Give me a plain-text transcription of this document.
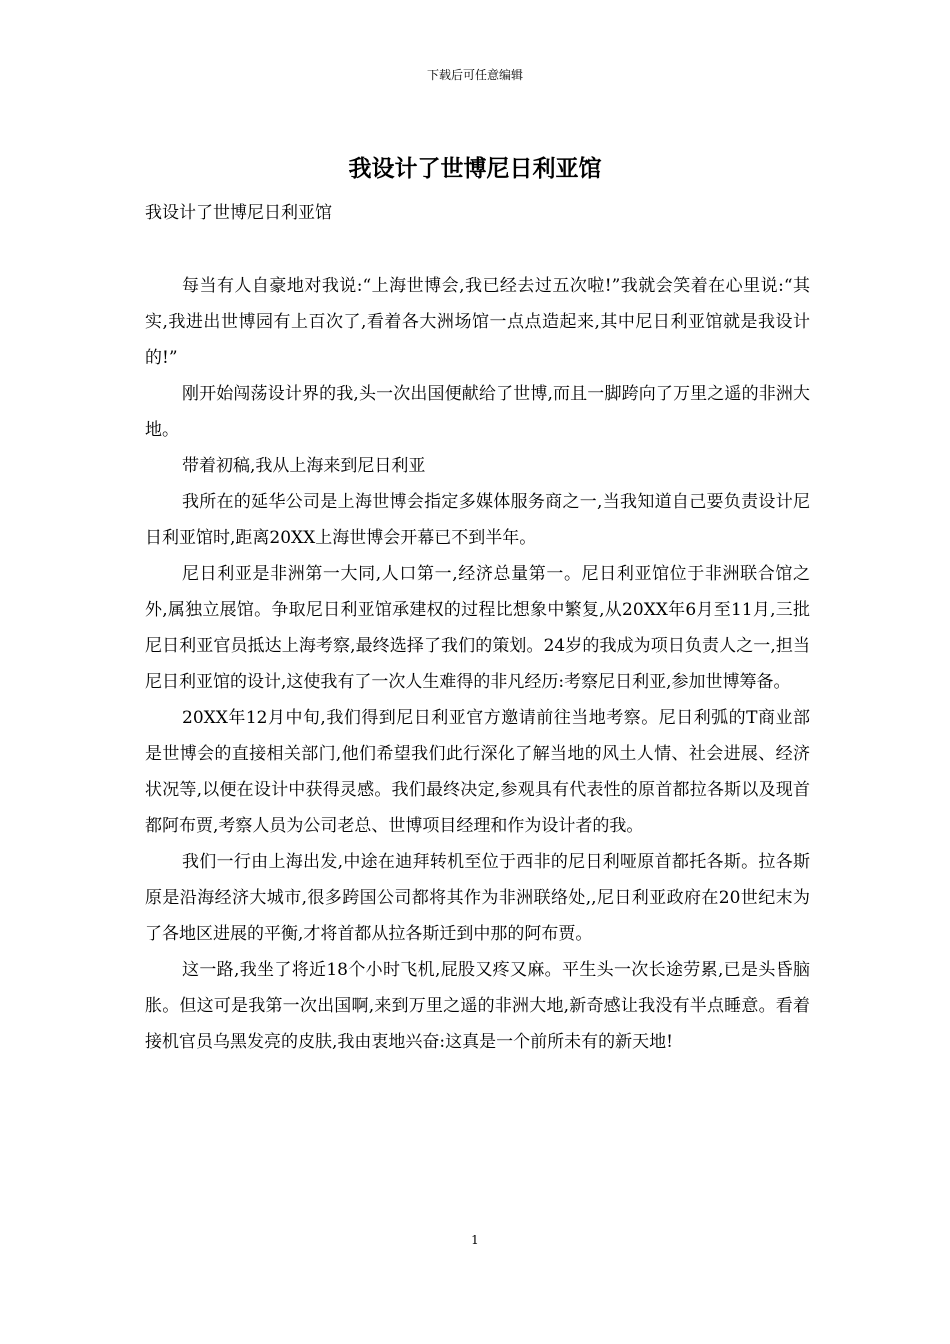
下载后可任意编辑
我设计了世博尼日利亚馆

我设计了世博尼日利亚馆

每当有人自豪地对我说:“上海世博会,我已经去过五次啦!”我就会笑着在心里说:“其实,我进出世博园有上百次了,看着各大洲场馆一点点造起来,其中尼日利亚馆就是我设计的!”

刚开始闯荡设计界的我,头一次出国便献给了世博,而且一脚跨向了万里之遥的非洲大地。

带着初稿,我从上海来到尼日利亚

我所在的延华公司是上海世博会指定多媒体服务商之一,当我知道自己要负责设计尼日利亚馆时,距离20XX上海世博会开幕已不到半年。

尼日利亚是非洲第一大同,人口第一,经济总量第一。尼日利亚馆位于非洲联合馆之外,属独立展馆。争取尼日利亚馆承建权的过程比想象中繁复,从20XX年6月至11月,三批尼日利亚官员抵达上海考察,最终选择了我们的策划。24岁的我成为项日负责人之一,担当尼日利亚馆的设计,这使我有了一次人生难得的非凡经历:考察尼日利亚,参加世博筹备。

20XX年12月中旬,我们得到尼日利亚官方邀请前往当地考察。尼日利弧的T商业部是世博会的直接相关部门,他们希望我们此行深化了解当地的风土人情、社会进展、经济状况等,以便在设计中获得灵感。我们最终决定,参观具有代表性的原首都拉各斯以及现首都阿布贾,考察人员为公司老总、世博项目经理和作为设计者的我。

我们一行由上海出发,中途在迪拜转机至位于西非的尼日利哑原首都托各斯。拉各斯原是沿海经济大城市,很多跨国公司都将其作为非洲联络处,,尼日利亚政府在20世纪末为了各地区进展的平衡,才将首都从拉各斯迁到中那的阿布贾。

这一路,我坐了将近18个小时飞机,屁股又疼又麻。平生头一次长途劳累,已是头昏脑胀。但这可是我第一次出国啊,来到万里之遥的非洲大地,新奇感让我没有半点睡意。看着接机官员乌黑发亮的皮肤,我由衷地兴奋:这真是一个前所未有的新天地!

1
